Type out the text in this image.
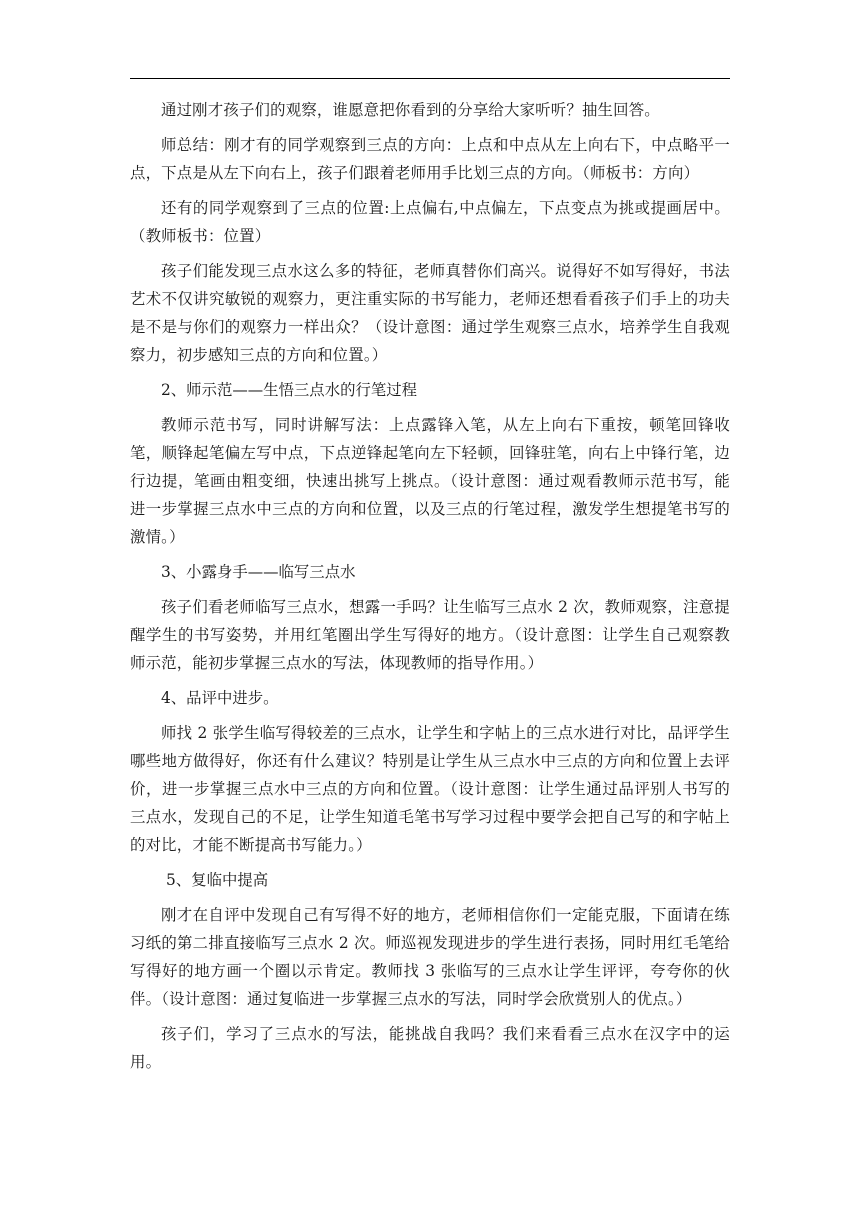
通过刚才孩子们的观察，谁愿意把你看到的分享给大家听听？抽生回答。

师总结：刚才有的同学观察到三点的方向：上点和中点从左上向右下，中点略平一点，下点是从左下向右上，孩子们跟着老师用手比划三点的方向。（师板书：方向）

还有的同学观察到了三点的位置:上点偏右,中点偏左，下点变点为挑或提画居中。（教师板书：位置）

孩子们能发现三点水这么多的特征，老师真替你们高兴。说得好不如写得好，书法艺术不仅讲究敏锐的观察力，更注重实际的书写能力，老师还想看看孩子们手上的功夫是不是与你们的观察力一样出众？（设计意图：通过学生观察三点水，培养学生自我观察力，初步感知三点的方向和位置。）

2、师示范——生悟三点水的行笔过程

教师示范书写，同时讲解写法：上点露锋入笔，从左上向右下重按，顿笔回锋收笔，顺锋起笔偏左写中点，下点逆锋起笔向左下轻顿，回锋驻笔，向右上中锋行笔，边行边提，笔画由粗变细，快速出挑写上挑点。（设计意图：通过观看教师示范书写，能进一步掌握三点水中三点的方向和位置，以及三点的行笔过程，激发学生想提笔书写的激情。）

3、小露身手——临写三点水

孩子们看老师临写三点水，想露一手吗？让生临写三点水 2 次，教师观察，注意提醒学生的书写姿势，并用红笔圈出学生写得好的地方。（设计意图：让学生自己观察教师示范，能初步掌握三点水的写法，体现教师的指导作用。）

4、品评中进步。

师找 2 张学生临写得较差的三点水，让学生和字帖上的三点水进行对比，品评学生哪些地方做得好，你还有什么建议？特别是让学生从三点水中三点的方向和位置上去评价，进一步掌握三点水中三点的方向和位置。（设计意图：让学生通过品评别人书写的三点水，发现自己的不足，让学生知道毛笔书写学习过程中要学会把自己写的和字帖上的对比，才能不断提高书写能力。）

5、复临中提高

刚才在自评中发现自己有写得不好的地方，老师相信你们一定能克服，下面请在练习纸的第二排直接临写三点水 2 次。师巡视发现进步的学生进行表扬，同时用红毛笔给写得好的地方画一个圈以示肯定。教师找 3 张临写的三点水让学生评评，夸夸你的伙伴。（设计意图：通过复临进一步掌握三点水的写法，同时学会欣赏别人的优点。）

孩子们，学习了三点水的写法，能挑战自我吗？我们来看看三点水在汉字中的运用。
